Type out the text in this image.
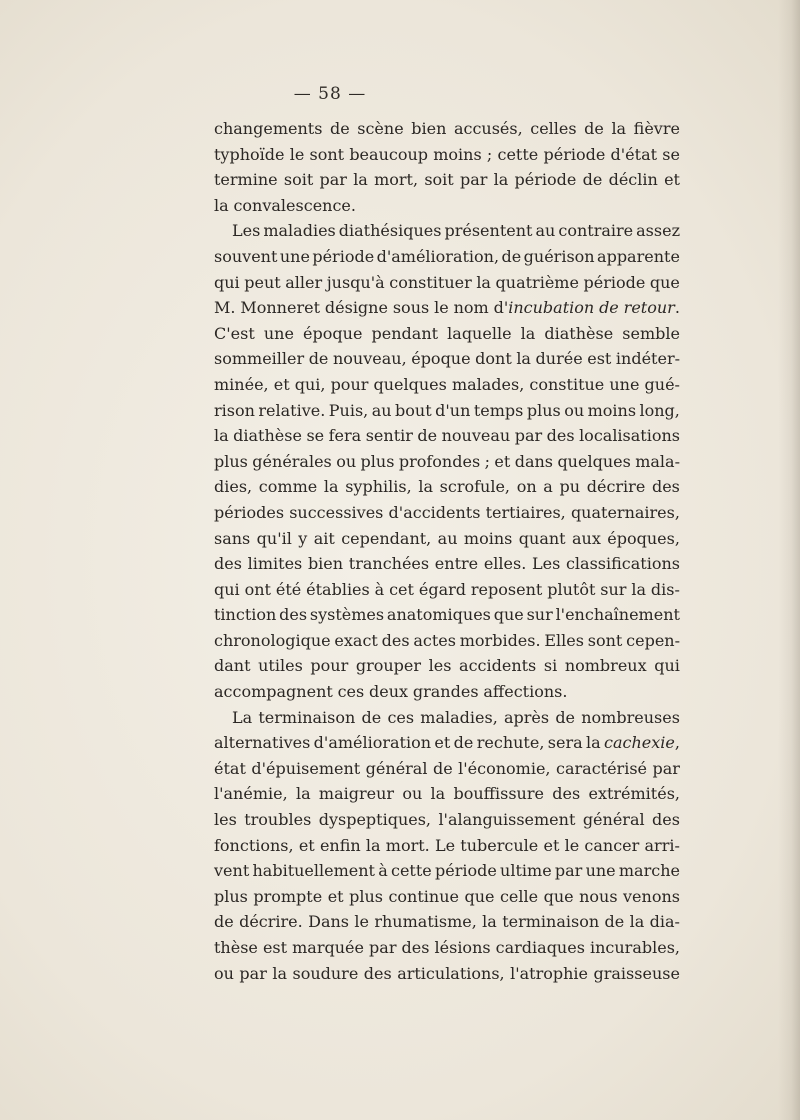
— 58 —
changements de scène bien accusés, celles de la fièvre
typhoïde le sont beaucoup moins ; cette période d'état se
termine soit par la mort, soit par la période de déclin et
la convalescence.
Les maladies diathésiques présentent au contraire assez
souvent une période d'amélioration, de guérison apparente
qui peut aller jusqu'à constituer la quatrième période que
M. Monneret désigne sous le nom d'incubation de retour.
C'est une époque pendant laquelle la diathèse semble
sommeiller de nouveau, époque dont la durée est indéter-
minée, et qui, pour quelques malades, constitue une gué-
rison relative. Puis, au bout d'un temps plus ou moins long,
la diathèse se fera sentir de nouveau par des localisations
plus générales ou plus profondes ; et dans quelques mala-
dies, comme la syphilis, la scrofule, on a pu décrire des
périodes successives d'accidents tertiaires, quaternaires,
sans qu'il y ait cependant, au moins quant aux époques,
des limites bien tranchées entre elles. Les classifications
qui ont été établies à cet égard reposent plutôt sur la dis-
tinction des systèmes anatomiques que sur l'enchaînement
chronologique exact des actes morbides. Elles sont cepen-
dant utiles pour grouper les accidents si nombreux qui
accompagnent ces deux grandes affections.
La terminaison de ces maladies, après de nombreuses
alternatives d'amélioration et de rechute, sera la cachexie,
état d'épuisement général de l'économie, caractérisé par
l'anémie, la maigreur ou la bouffissure des extrémités,
les troubles dyspeptiques, l'alanguissement général des
fonctions, et enfin la mort. Le tubercule et le cancer arri-
vent habituellement à cette période ultime par une marche
plus prompte et plus continue que celle que nous venons
de décrire. Dans le rhumatisme, la terminaison de la dia-
thèse est marquée par des lésions cardiaques incurables,
ou par la soudure des articulations, l'atrophie graisseuse
